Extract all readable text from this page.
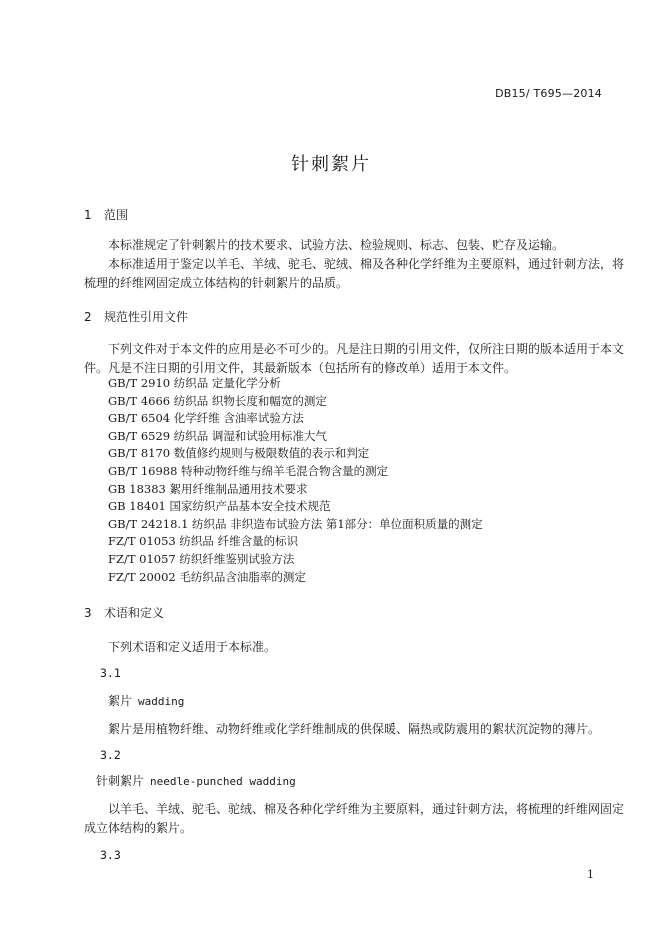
DB15/ T695—2014
针刺絮片
1 范围
本标准规定了针刺絮片的技术要求、试验方法、检验规则、标志、包装、贮存及运输。
本标准适用于鉴定以羊毛、羊绒、驼毛、驼绒、棉及各种化学纤维为主要原料，通过针刺方法，将梳理的纤维网固定成立体结构的针刺絮片的品质。
2 规范性引用文件
下列文件对于本文件的应用是必不可少的。凡是注日期的引用文件，仅所注日期的版本适用于本文件。凡是不注日期的引用文件，其最新版本（包括所有的修改单）适用于本文件。
GB/T 2910 纺织品 定量化学分析
GB/T 4666 纺织品 织物长度和幅宽的测定
GB/T 6504 化学纤维 含油率试验方法
GB/T 6529 纺织品 调湿和试验用标准大气
GB/T 8170 数值修约规则与极限数值的表示和判定
GB/T 16988 特种动物纤维与绵羊毛混合物含量的测定
GB 18383 絮用纤维制品通用技术要求
GB 18401 国家纺织产品基本安全技术规范
GB/T 24218.1 纺织品 非织造布试验方法 第1部分：单位面积质量的测定
FZ/T 01053 纺织品 纤维含量的标识
FZ/T 01057 纺织纤维鉴别试验方法
FZ/T 20002 毛纺织品含油脂率的测定
3 术语和定义
下列术语和定义适用于本标准。
3.1
絮片 wadding
絮片是用植物纤维、动物纤维或化学纤维制成的供保暖、隔热或防震用的絮状沉淀物的薄片。
3.2
针刺絮片 needle-punched wadding
以羊毛、羊绒、驼毛、驼绒、棉及各种化学纤维为主要原料，通过针刺方法，将梳理的纤维网固定成立体结构的絮片。
3.3
1
